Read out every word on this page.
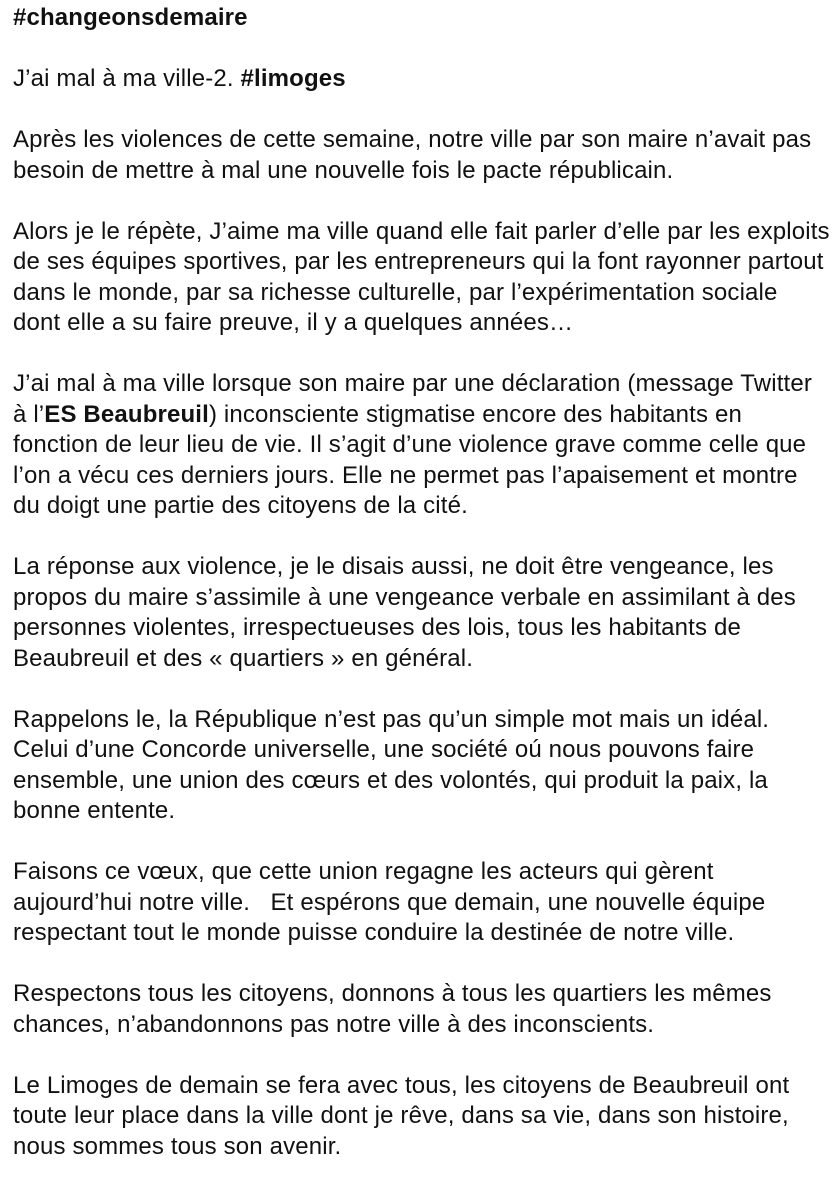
#changeonsdemaire

J’ai mal à ma ville-2. #limoges

Après les violences de cette semaine, notre ville par son maire n’avait pas besoin de mettre à mal une nouvelle fois le pacte républicain.

Alors je le répète, J’aime ma ville quand elle fait parler d’elle par les exploits de ses équipes sportives, par les entrepreneurs qui la font rayonner partout dans le monde, par sa richesse culturelle, par l’expérimentation sociale dont elle a su faire preuve, il y a quelques années…

J’ai mal à ma ville lorsque son maire par une déclaration (message Twitter à l’ES Beaubreuil) inconsciente stigmatise encore des habitants en fonction de leur lieu de vie. Il s’agit d’une violence grave comme celle que l’on a vécu ces derniers jours. Elle ne permet pas l’apaisement et montre du doigt une partie des citoyens de la cité.

La réponse aux violence, je le disais aussi, ne doit être vengeance, les propos du maire s’assimile à une vengeance verbale en assimilant à des personnes violentes, irrespectueuses des lois, tous les habitants de Beaubreuil et des « quartiers » en général.

Rappelons le, la République n’est pas qu’un simple mot mais un idéal. Celui d’une Concorde universelle, une société oú nous pouvons faire ensemble, une union des cœurs et des volontés, qui produit la paix, la bonne entente.

Faisons ce vœux, que cette union regagne les acteurs qui gèrent aujourd’hui notre ville.   Et espérons que demain, une nouvelle équipe respectant tout le monde puisse conduire la destinée de notre ville.

Respectons tous les citoyens, donnons à tous les quartiers les mêmes chances, n’abandonnons pas notre ville à des inconscients.

Le Limoges de demain se fera avec tous, les citoyens de Beaubreuil ont toute leur place dans la ville dont je rêve, dans sa vie, dans son histoire, nous sommes tous son avenir.
